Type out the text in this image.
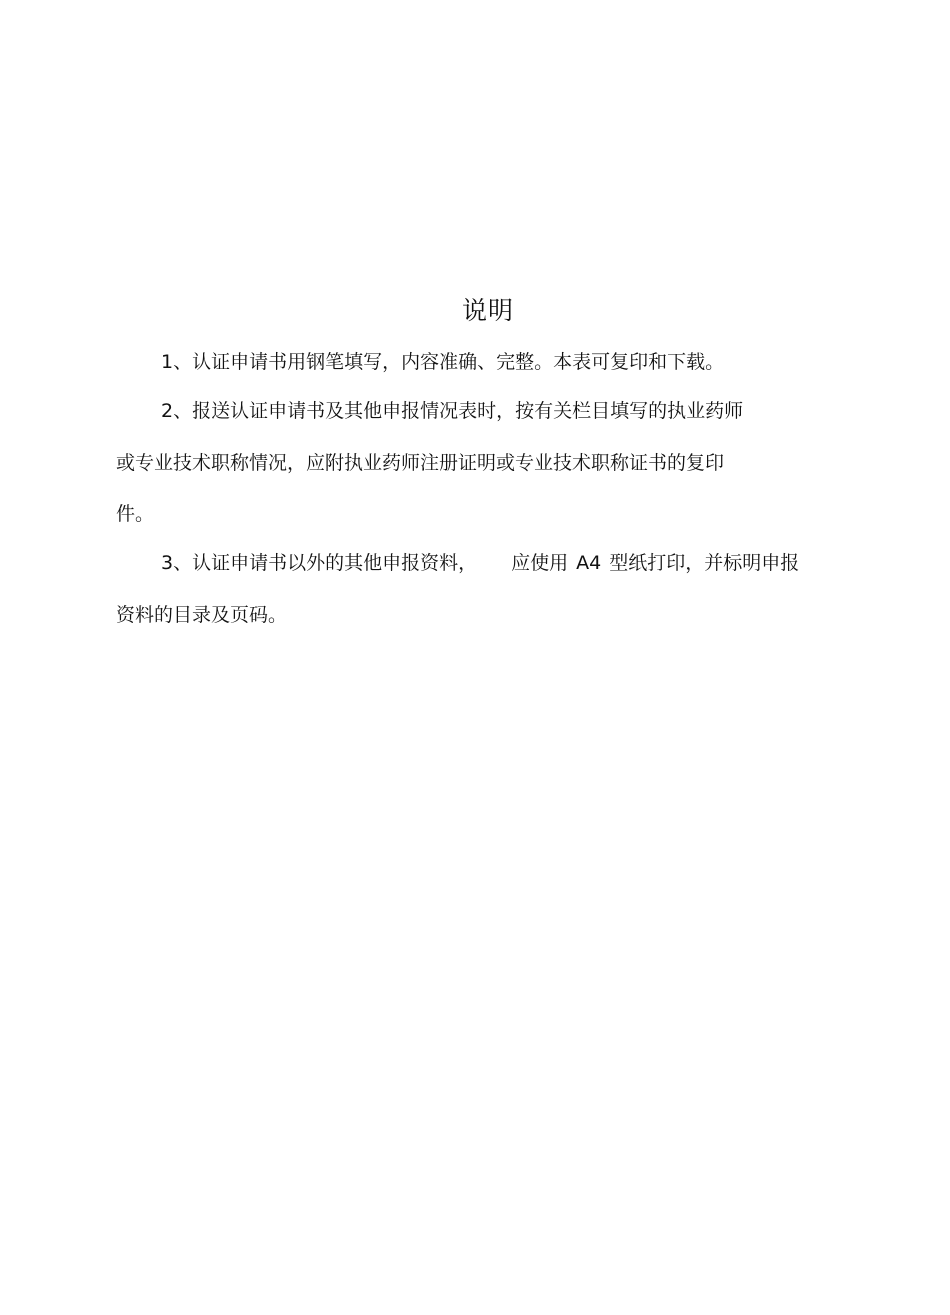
说明
1、认证申请书用钢笔填写，内容准确、完整。本表可复印和下载。
2、报送认证申请书及其他申报情况表时，按有关栏目填写的执业药师
或专业技术职称情况，应附执业药师注册证明或专业技术职称证书的复印
件。
3、认证申请书以外的其他申报资料， 应使用 A4 型纸打印，并标明申报
资料的目录及页码。
